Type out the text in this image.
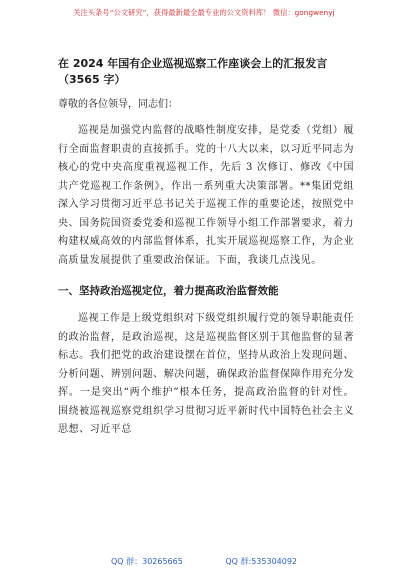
关注头条号“公文研究”，获得最新最全最专业的公文资料库！ 微信：gongwenyj

在 2024 年国有企业巡视巡察工作座谈会上的汇报发言

（3565 字）

尊敬的各位领导，同志们：

巡视是加强党内监督的战略性制度安排，是党委（党组）履行全面监督职责的直接抓手。党的十八大以来，以习近平同志为核心的党中央高度重视巡视工作，先后 3 次修订、修改《中国共产党巡视工作条例》，作出一系列重大决策部署。**集团党组深入学习贯彻习近平总书记关于巡视工作的重要论述，按照党中央、国务院国资委党委和巡视工作领导小组工作部署要求，着力构建权威高效的内部监督体系，扎实开展巡视巡察工作，为企业高质量发展提供了重要政治保证。下面，我谈几点浅见。

一、坚持政治巡视定位，着力提高政治监督效能

巡视工作是上级党组织对下级党组织履行党的领导职能责任的政治监督，是政治巡视，这是巡视监督区别于其他监督的显著标志。我们把党的政治建设摆在首位，坚持从政治上发现问题、分析问题、辨别问题、解决问题，确保政治监督保障作用充分发挥。一是突出“两个维护”根本任务，提高政治监督的针对性。围绕被巡视巡察党组织学习贯彻习近平新时代中国特色社会主义思想、习近平总

QQ 群：30265665	QQ 群:535304092
